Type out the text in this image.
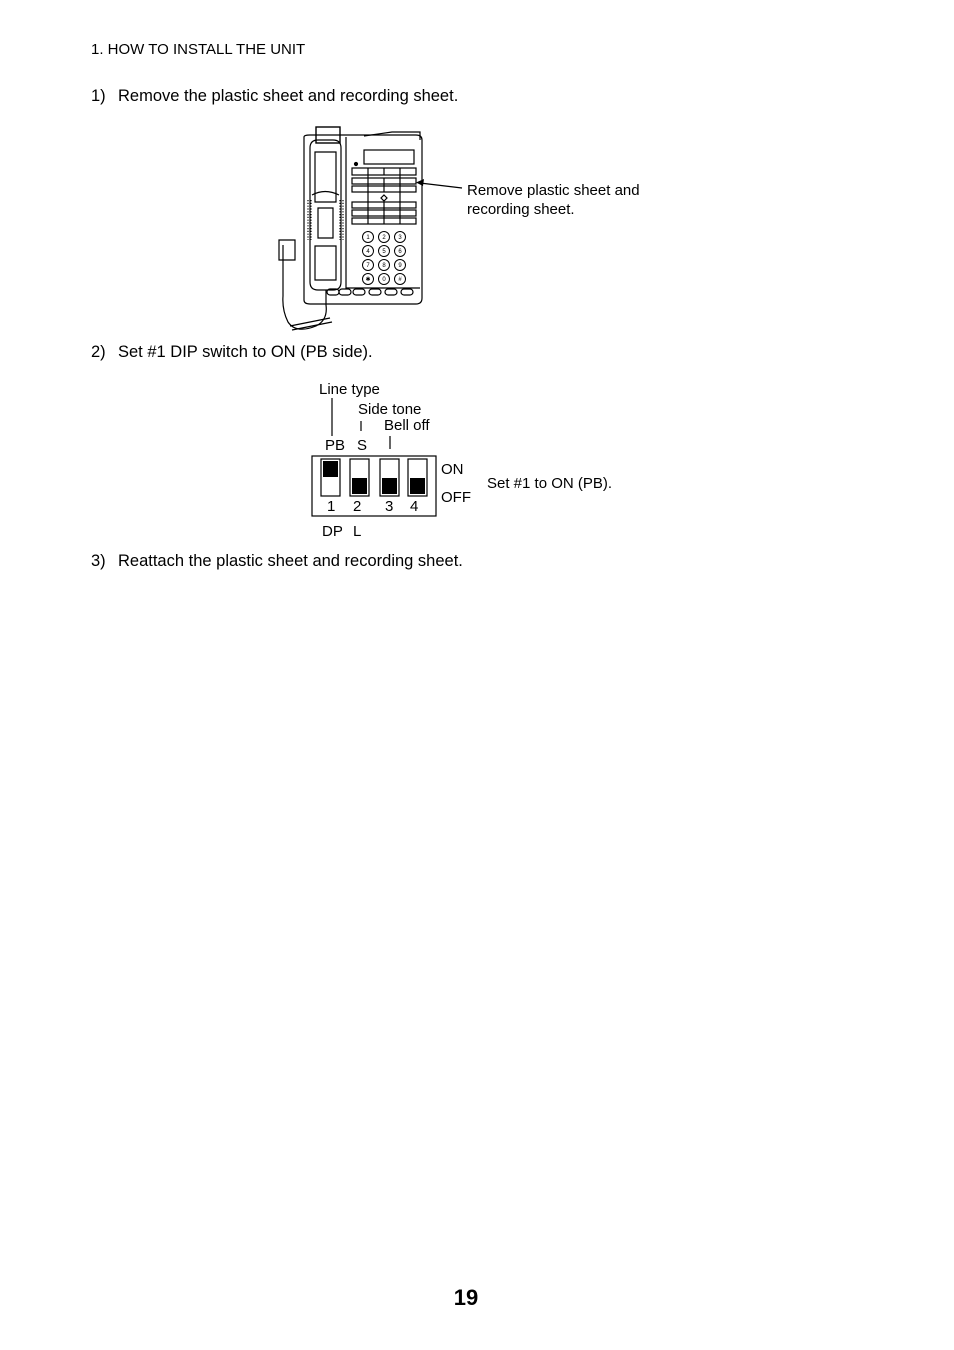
1. HOW TO INSTALL THE UNIT
1) Remove the plastic sheet and recording sheet.
1 2 3
4 5 6
7 8 9
✱ 0 #
Remove plastic sheet and recording sheet.
2) Set #1 DIP switch to ON (PB side).
Line type
Side tone
Bell off
PB S
ON
OFF
1 2 3 4
DP L
Set #1 to ON (PB).
3) Reattach the plastic sheet and recording sheet.
19
